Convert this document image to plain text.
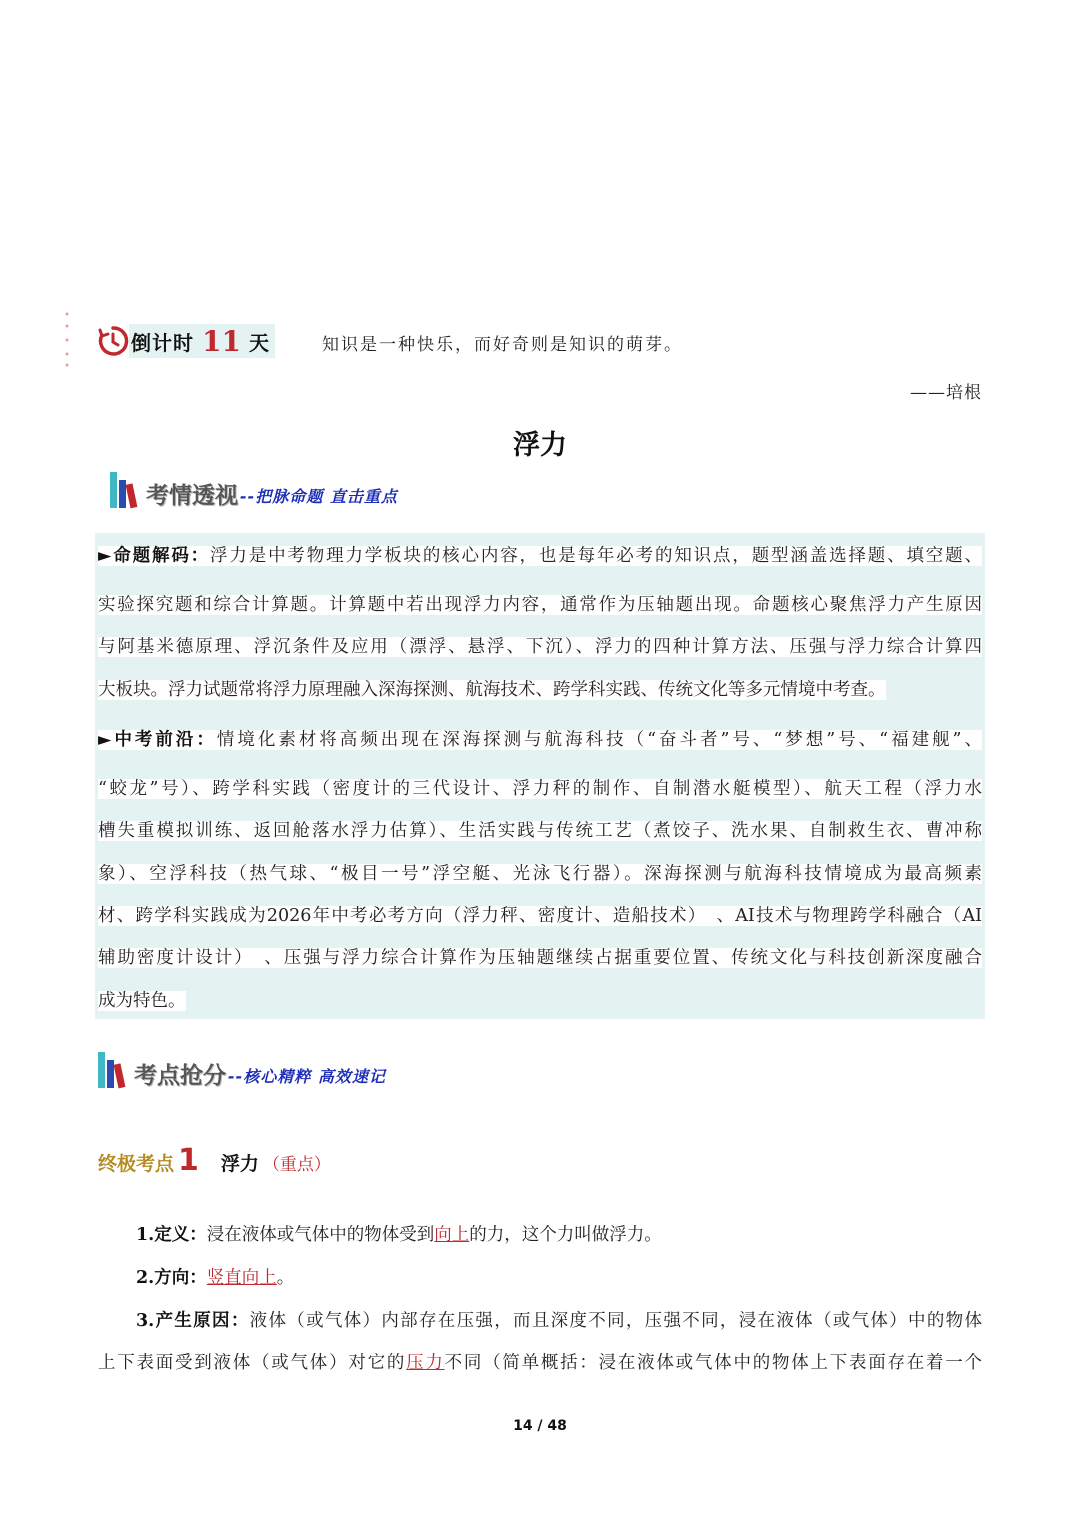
倒计时 11 天	知识是一种快乐，而好奇则是知识的萌芽。
——培根
浮力
考情透视 --把脉命题 直击重点
►命题解码：浮力是中考物理力学板块的核心内容，也是每年必考的知识点，题型涵盖选择题、填空题、
实验探究题和综合计算题。计算题中若出现浮力内容，通常作为压轴题出现。命题核心聚焦浮力产生原因
与阿基米德原理、浮沉条件及应用（漂浮、悬浮、下沉）、浮力的四种计算方法、压强与浮力综合计算四
大板块。浮力试题常将浮力原理融入深海探测、航海技术、跨学科实践、传统文化等多元情境中考查。
►中考前沿：情境化素材将高频出现在深海探测与航海科技（“奋斗者”号、“梦想”号、“福建舰”、
“蛟龙”号）、跨学科实践（密度计的三代设计、浮力秤的制作、自制潜水艇模型）、航天工程（浮力水
槽失重模拟训练、返回舱落水浮力估算）、生活实践与传统工艺（煮饺子、洗水果、自制救生衣、曹冲称
象）、空浮科技（热气球、“极目一号”浮空艇、光泳飞行器）。深海探测与航海科技情境成为最高频素
材、跨学科实践成为2026年中考必考方向（浮力秤、密度计、造船技术）　、AI技术与物理跨学科融合（AI
辅助密度计设计）　、压强与浮力综合计算作为压轴题继续占据重要位置、传统文化与科技创新深度融合
成为特色。
考点抢分 --核心精粹 高效速记
终极考点 1 浮力 （重点）
1.定义：浸在液体或气体中的物体受到向上的力，这个力叫做浮力。
2.方向：竖直向上。
3.产生原因：液体（或气体）内部存在压强，而且深度不同，压强不同，浸在液体（或气体）中的物体
上下表面受到液体（或气体）对它的压力不同（简单概括：浸在液体或气体中的物体上下表面存在着一个
14 / 48
